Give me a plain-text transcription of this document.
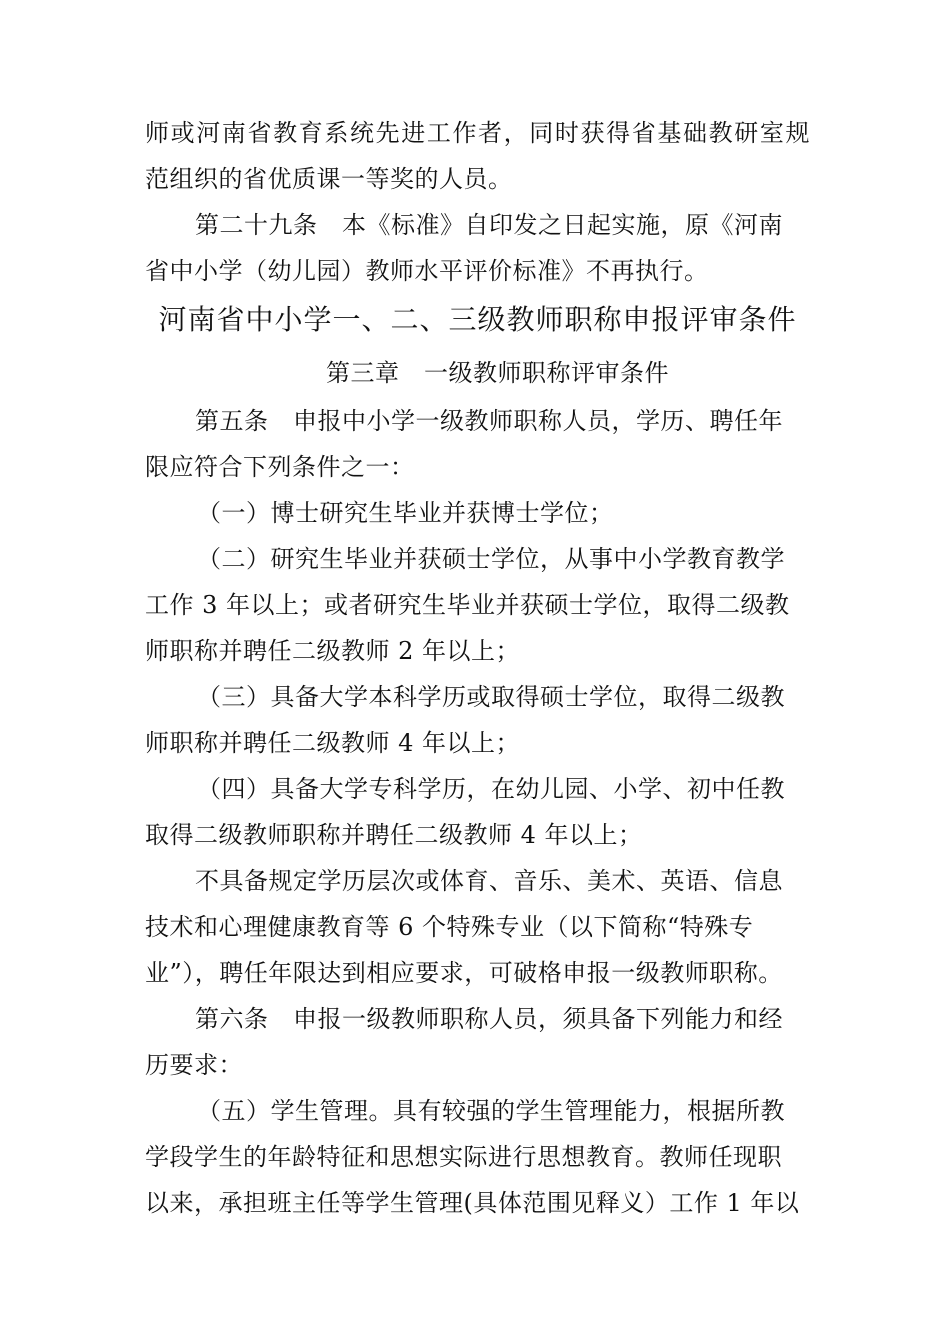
师或河南省教育系统先进工作者，同时获得省基础教研室规
范组织的省优质课一等奖的人员。
第二十九条　本《标准》自印发之日起实施，原《河南
省中小学（幼儿园）教师水平评价标准》不再执行。
河南省中小学一、二、三级教师职称申报评审条件
第三章　一级教师职称评审条件
第五条　申报中小学一级教师职称人员，学历、聘任年
限应符合下列条件之一：
（一）博士研究生毕业并获博士学位；
（二）研究生毕业并获硕士学位，从事中小学教育教学
工作 3 年以上；或者研究生毕业并获硕士学位，取得二级教
师职称并聘任二级教师 2 年以上；
（三）具备大学本科学历或取得硕士学位，取得二级教
师职称并聘任二级教师 4 年以上；
（四）具备大学专科学历，在幼儿园、小学、初中任教
取得二级教师职称并聘任二级教师 4 年以上；
不具备规定学历层次或体育、音乐、美术、英语、信息
技术和心理健康教育等 6 个特殊专业（以下简称“特殊专
业”），聘任年限达到相应要求，可破格申报一级教师职称。
第六条　申报一级教师职称人员，须具备下列能力和经
历要求：
（五）学生管理。具有较强的学生管理能力，根据所教
学段学生的年龄特征和思想实际进行思想教育。教师任现职
以来，承担班主任等学生管理(具体范围见释义）工作 1 年以
